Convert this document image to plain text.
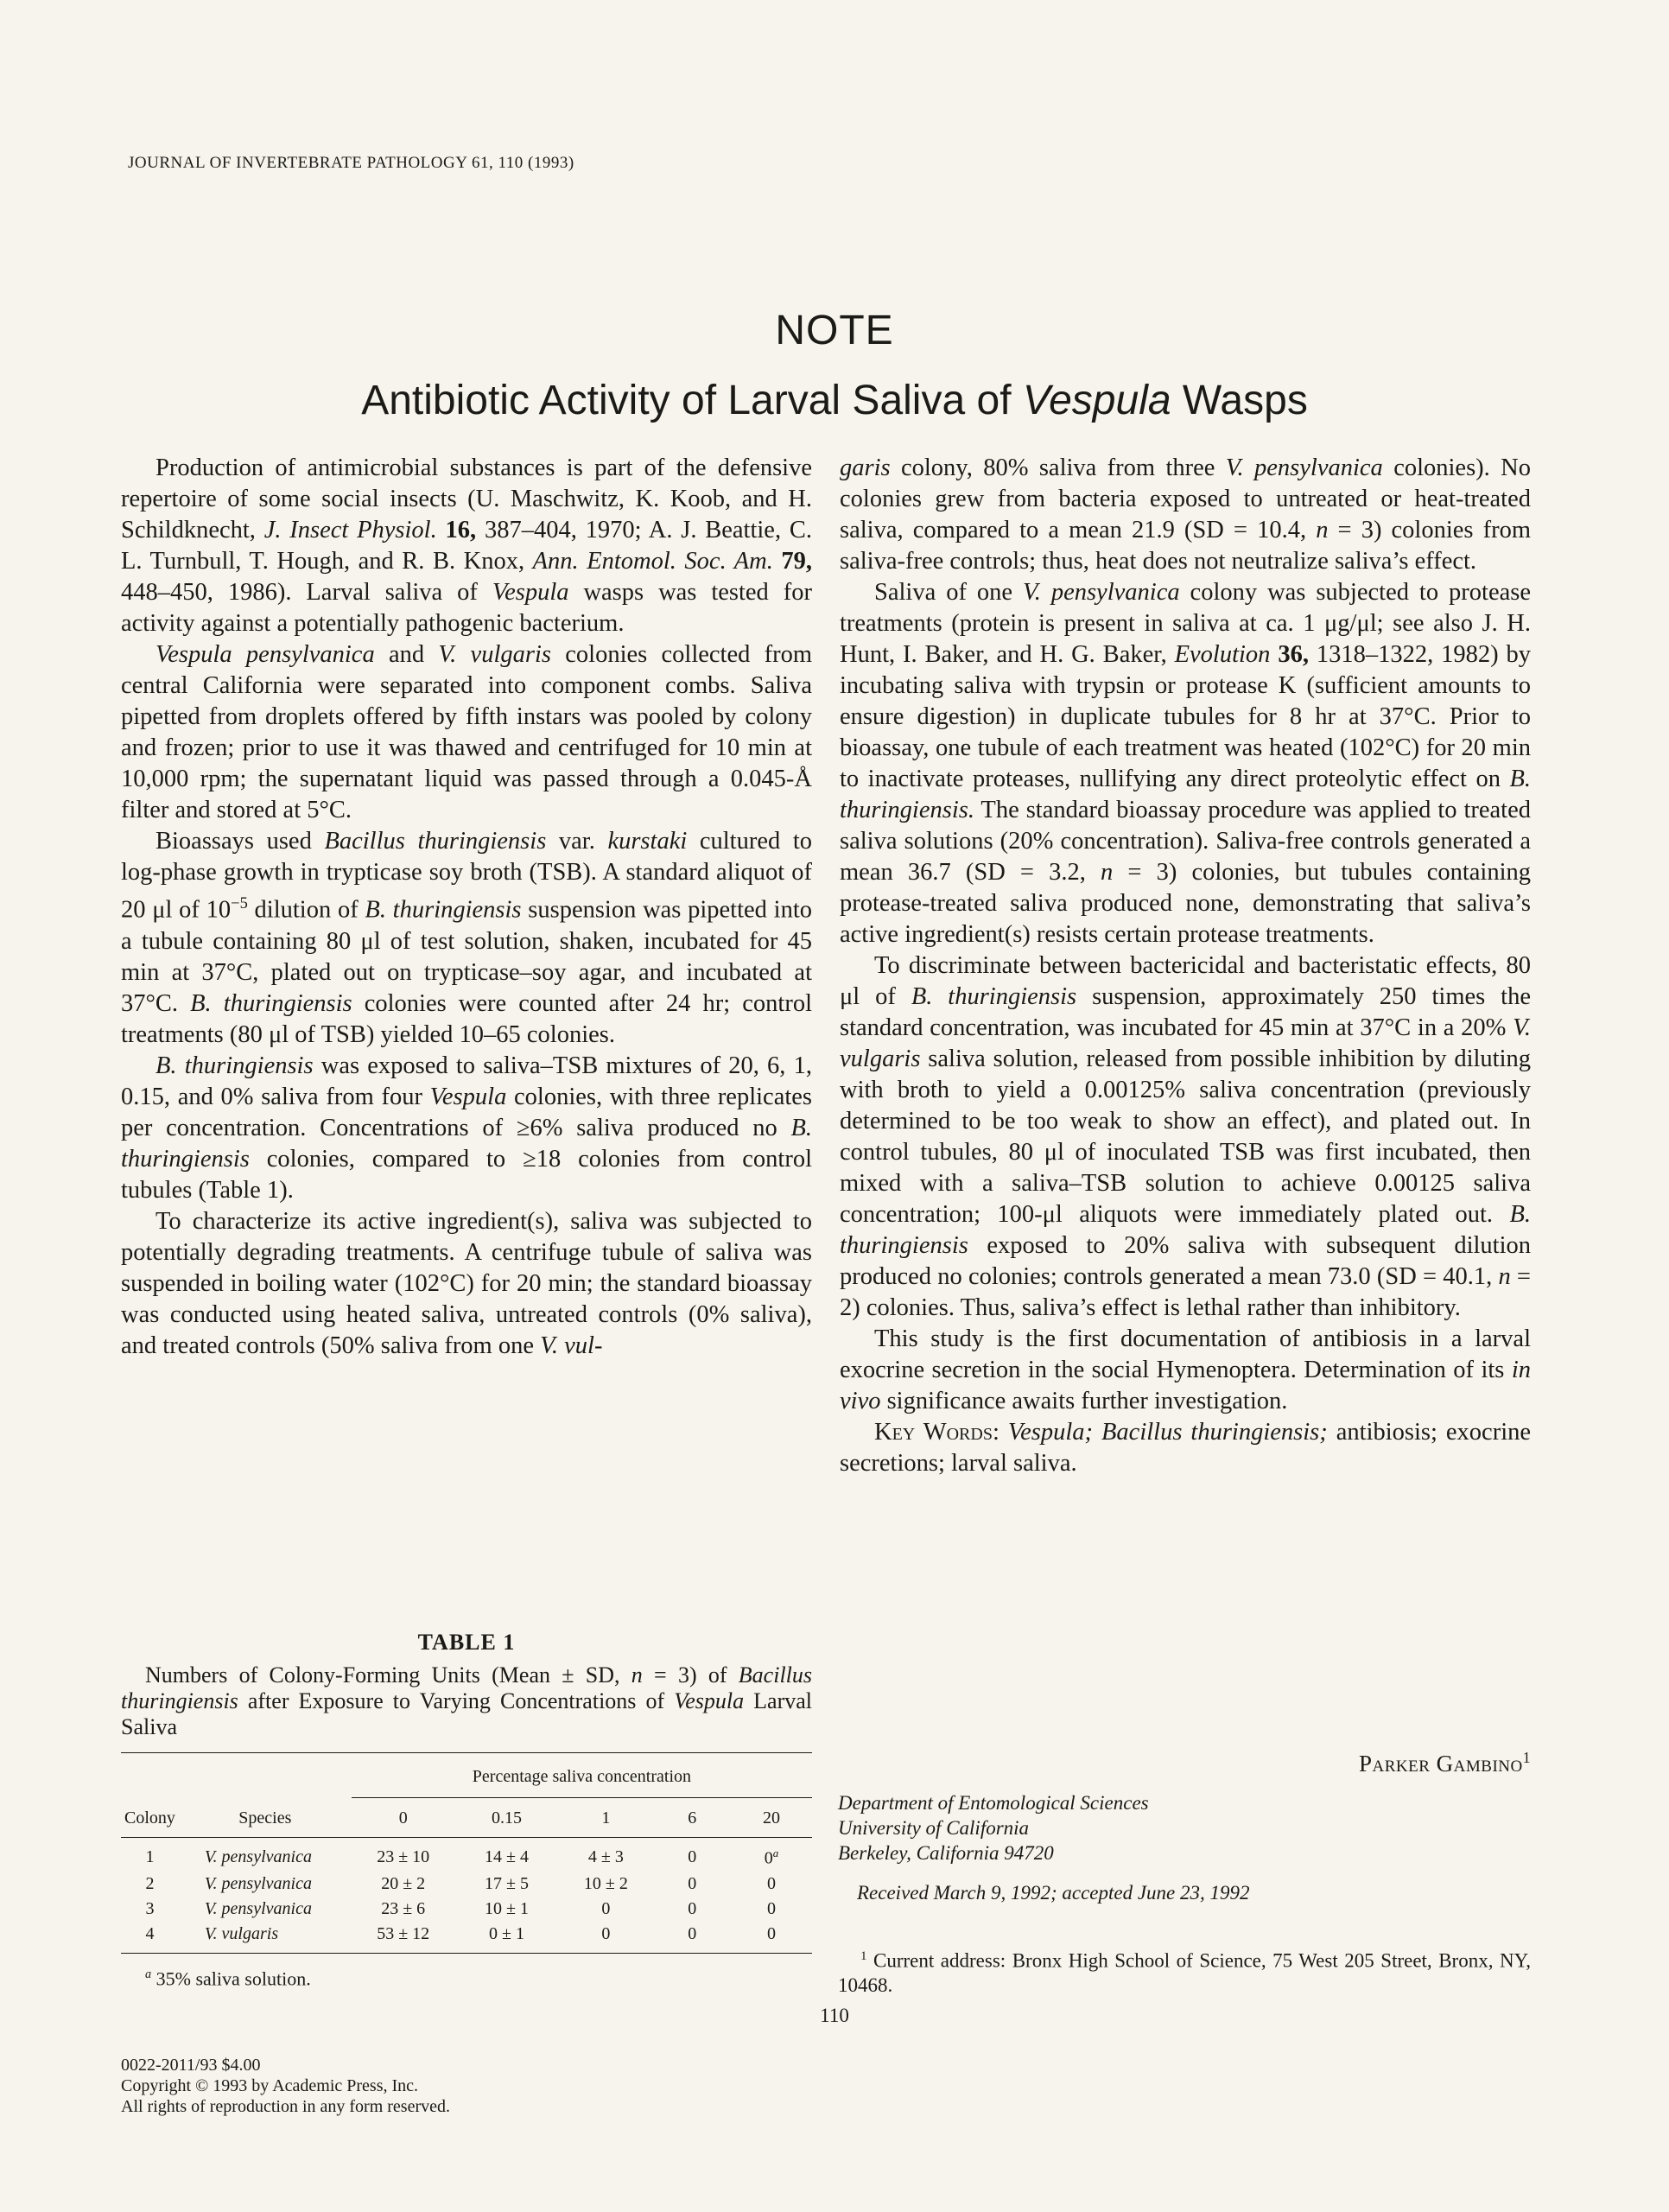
JOURNAL OF INVERTEBRATE PATHOLOGY 61, 110 (1993)
NOTE
Antibiotic Activity of Larval Saliva of Vespula Wasps

Production of antimicrobial substances is part of the defensive repertoire of some social insects (U. Maschwitz, K. Koob, and H. Schildknecht, J. Insect Physiol. 16, 387–404, 1970; A. J. Beattie, C. L. Turnbull, T. Hough, and R. B. Knox, Ann. Entomol. Soc. Am. 79, 448–450, 1986). Larval saliva of Vespula wasps was tested for activity against a potentially pathogenic bacterium.

Vespula pensylvanica and V. vulgaris colonies collected from central California were separated into component combs. Saliva pipetted from droplets offered by fifth instars was pooled by colony and frozen; prior to use it was thawed and centrifuged for 10 min at 10,000 rpm; the supernatant liquid was passed through a 0.045-Å filter and stored at 5°C.

Bioassays used Bacillus thuringiensis var. kurstaki cultured to log-phase growth in trypticase soy broth (TSB). A standard aliquot of 20 μl of $10^{-5}$ dilution of B. thuringiensis suspension was pipetted into a tubule containing 80 μl of test solution, shaken, incubated for 45 min at 37°C, plated out on trypticase–soy agar, and incubated at 37°C. B. thuringiensis colonies were counted after 24 hr; control treatments (80 μl of TSB) yielded 10–65 colonies.

B. thuringiensis was exposed to saliva–TSB mixtures of 20, 6, 1, 0.15, and 0% saliva from four Vespula colonies, with three replicates per concentration. Concentrations of ≥6% saliva produced no B. thuringiensis colonies, compared to ≥18 colonies from control tubules (Table 1).

To characterize its active ingredient(s), saliva was subjected to potentially degrading treatments. A centrifuge tubule of saliva was suspended in boiling water (102°C) for 20 min; the standard bioassay was conducted using heated saliva, untreated controls (0% saliva), and treated controls (50% saliva from one V. vul-

garis colony, 80% saliva from three V. pensylvanica colonies). No colonies grew from bacteria exposed to untreated or heat-treated saliva, compared to a mean 21.9 (SD = 10.4, n = 3) colonies from saliva-free controls; thus, heat does not neutralize saliva’s effect.

Saliva of one V. pensylvanica colony was subjected to protease treatments (protein is present in saliva at ca. 1 μg/μl; see also J. H. Hunt, I. Baker, and H. G. Baker, Evolution 36, 1318–1322, 1982) by incubating saliva with trypsin or protease K (sufficient amounts to ensure digestion) in duplicate tubules for 8 hr at 37°C. Prior to bioassay, one tubule of each treatment was heated (102°C) for 20 min to inactivate proteases, nullifying any direct proteolytic effect on B. thuringiensis. The standard bioassay procedure was applied to treated saliva solutions (20% concentration). Saliva-free controls generated a mean 36.7 (SD = 3.2, n = 3) colonies, but tubules containing protease-treated saliva produced none, demonstrating that saliva’s active ingredient(s) resists certain protease treatments.

To discriminate between bactericidal and bacteristatic effects, 80 μl of B. thuringiensis suspension, approximately 250 times the standard concentration, was incubated for 45 min at 37°C in a 20% V. vulgaris saliva solution, released from possible inhibition by diluting with broth to yield a 0.00125% saliva concentration (previously determined to be too weak to show an effect), and plated out. In control tubules, 80 μl of inoculated TSB was first incubated, then mixed with a saliva–TSB solution to achieve 0.00125 saliva concentration; 100-μl aliquots were immediately plated out. B. thuringiensis exposed to 20% saliva with subsequent dilution produced no colonies; controls generated a mean 73.0 (SD = 40.1, n = 2) colonies. Thus, saliva’s effect is lethal rather than inhibitory.

This study is the first documentation of antibiosis in a larval exocrine secretion in the social Hymenoptera. Determination of its in vivo significance awaits further investigation.

Key Words: Vespula; Bacillus thuringiensis; antibiosis; exocrine secretions; larval saliva.

TABLE 1
Numbers of Colony-Forming Units (Mean ± SD, n = 3) of Bacillus thuringiensis after Exposure to Varying Concentrations of Vespula Larval Saliva
		Percentage saliva concentration				
Colony	Species	0	0.15	1	6	20
1	V. pensylvanica	23 ± 10	14 ± 4	4 ± 3	0	0$^a$
2	V. pensylvanica	20 ± 2	17 ± 5	10 ± 2	0	0
3	V. pensylvanica	23 ± 6	10 ± 1	0	0	0
4	V. vulgaris	53 ± 12	0 ± 1	0	0	0
$^a$ 35% saliva solution.
Parker Gambino$^1$
Department of Entomological Sciences
University of California
Berkeley, California 94720
Received March 9, 1992; accepted June 23, 1992
$^1$ Current address: Bronx High School of Science, 75 West 205 Street, Bronx, NY, 10468.
110
0022-2011/93 $4.00
Copyright © 1993 by Academic Press, Inc.
All rights of reproduction in any form reserved.
